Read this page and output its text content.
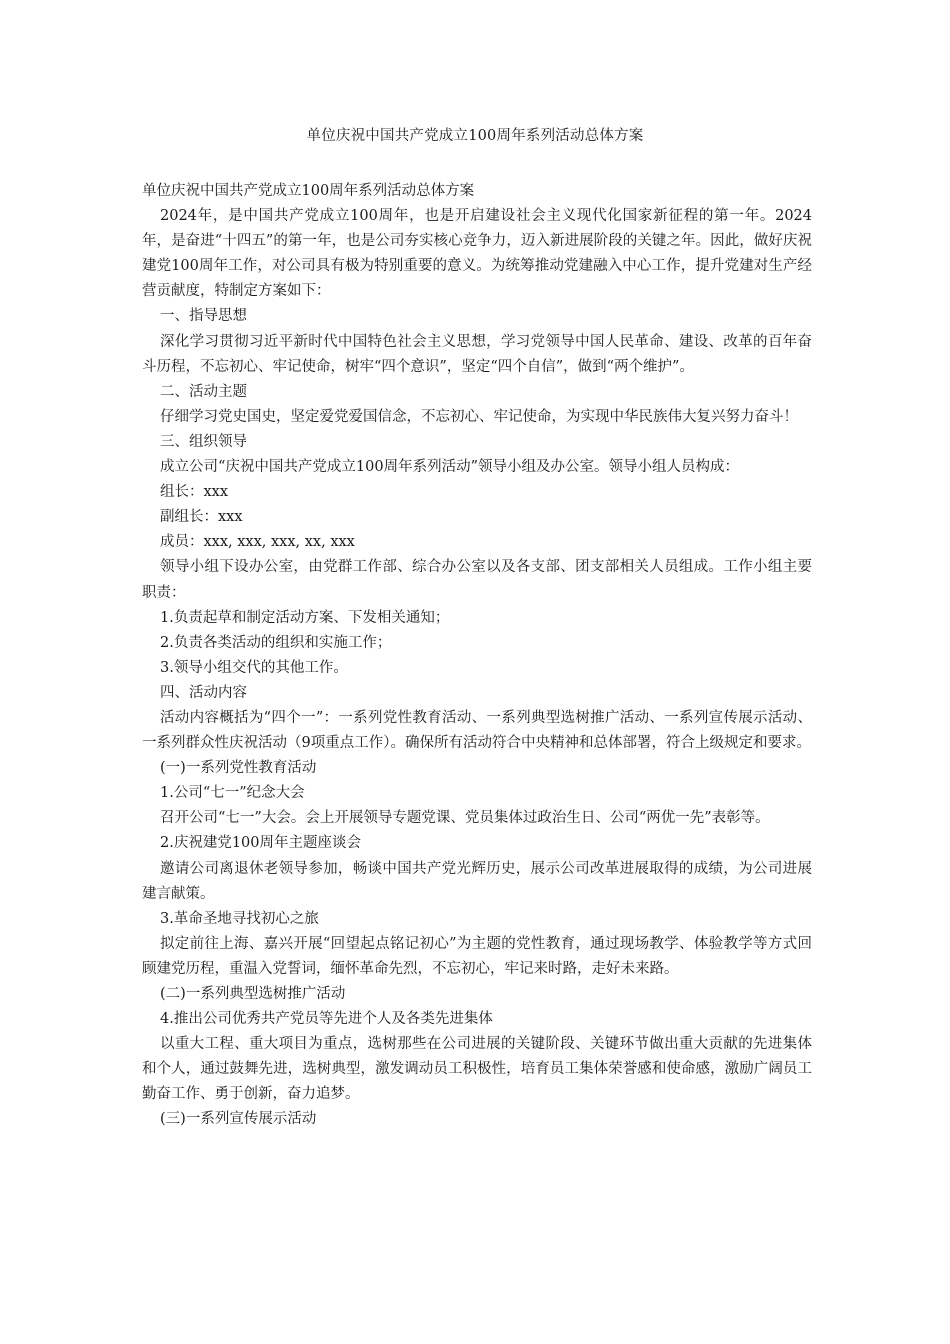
单位庆祝中国共产党成立100周年系列活动总体方案

单位庆祝中国共产党成立100周年系列活动总体方案

2024年，是中国共产党成立100周年，也是开启建设社会主义现代化国家新征程的第一年。2024年，是奋进“十四五”的第一年，也是公司夯实核心竞争力，迈入新进展阶段的关键之年。因此，做好庆祝建党100周年工作，对公司具有极为特别重要的意义。为统筹推动党建融入中心工作，提升党建对生产经营贡献度，特制定方案如下：

一、指导思想

深化学习贯彻习近平新时代中国特色社会主义思想，学习党领导中国人民革命、建设、改革的百年奋斗历程，不忘初心、牢记使命，树牢“四个意识”，坚定“四个自信”，做到“两个维护”。

二、活动主题

仔细学习党史国史，坚定爱党爱国信念，不忘初心、牢记使命，为实现中华民族伟大复兴努力奋斗！

三、组织领导

成立公司“庆祝中国共产党成立100周年系列活动”领导小组及办公室。领导小组人员构成：

组长：xxx

副组长：xxx

成员：xxx, xxx, xxx, xx, xxx

领导小组下设办公室，由党群工作部、综合办公室以及各支部、团支部相关人员组成。工作小组主要职责：

1.负责起草和制定活动方案、下发相关通知；

2.负责各类活动的组织和实施工作；

3.领导小组交代的其他工作。

四、活动内容

活动内容概括为“四个一”：一系列党性教育活动、一系列典型选树推广活动、一系列宣传展示活动、一系列群众性庆祝活动（9项重点工作）。确保所有活动符合中央精神和总体部署，符合上级规定和要求。

(一)一系列党性教育活动

1.公司“七一”纪念大会

召开公司“七一”大会。会上开展领导专题党课、党员集体过政治生日、公司“两优一先”表彰等。

2.庆祝建党100周年主题座谈会

邀请公司离退休老领导参加，畅谈中国共产党光辉历史，展示公司改革进展取得的成绩，为公司进展建言献策。

3.革命圣地寻找初心之旅

拟定前往上海、嘉兴开展“回望起点铭记初心”为主题的党性教育，通过现场教学、体验教学等方式回顾建党历程，重温入党誓词，缅怀革命先烈，不忘初心，牢记来时路，走好未来路。

(二)一系列典型选树推广活动

4.推出公司优秀共产党员等先进个人及各类先进集体

以重大工程、重大项目为重点，选树那些在公司进展的关键阶段、关键环节做出重大贡献的先进集体和个人，通过鼓舞先进，选树典型，激发调动员工积极性，培育员工集体荣誉感和使命感，激励广阔员工勤奋工作、勇于创新，奋力追梦。

(三)一系列宣传展示活动
